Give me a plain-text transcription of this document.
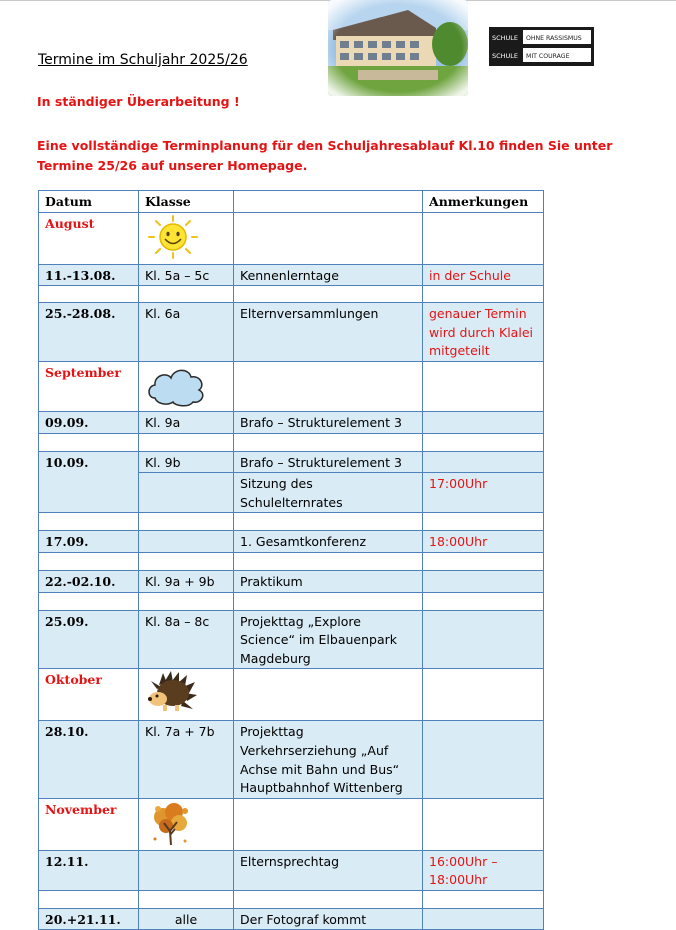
Termine im Schuljahr 2025/26
SCHULE OHNE RASSISMUS
SCHULE MIT COURAGE
In ständiger Überarbeitung !
Eine vollständige Terminplanung für den Schuljahresablauf Kl.10 finden Sie unter
Termine 25/26 auf unserer Homepage.
Datum	Klasse		Anmerkungen
August	

11.-13.08.	Kl. 5a – 5c	Kennenlerntage	in der Schule

25.-28.08.	Kl. 6a	Elternversammlungen	genauer Termin wird durch Klalei mitgeteilt
September	

09.09.	Kl. 9a	Brafo – Strukturelement 3	

10.09.	Kl. 9b	Brafo – Strukturelement 3	
		Sitzung des Schulelternrates	17:00Uhr

17.09.		1. Gesamtkonferenz	18:00Uhr

22.-02.10.	Kl. 9a + 9b	Praktikum	

25.09.	Kl. 8a – 8c	Projekttag „Explore Science“ im Elbauenpark Magdeburg	
Oktober	

28.10.	Kl. 7a + 7b	Projekttag Verkehrserziehung „Auf Achse mit Bahn und Bus“ Hauptbahnhof Wittenberg	
November	

12.11.		Elternsprechtag	16:00Uhr – 18:00Uhr

20.+21.11.	alle	Der Fotograf kommt	
